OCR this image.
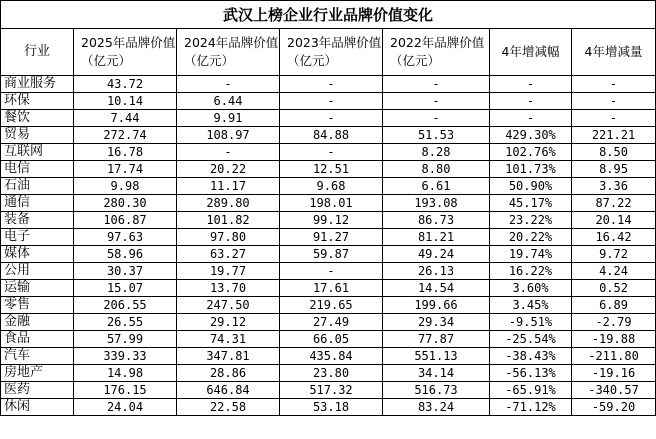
武汉上榜企业行业品牌价值变化						
行业	2025年品牌价值（亿元）	2024年品牌价值（亿元）	2023年品牌价值（亿元）	2022年品牌价值（亿元）	4年增减幅	4年增减量
商业服务	43.72	-	-	-	-	-
环保	10.14	6.44	-	-	-	-
餐饮	7.44	9.91	-	-	-	-
贸易	272.74	108.97	84.88	51.53	429.30%	221.21
互联网	16.78	-	-	8.28	102.76%	8.50
电信	17.74	20.22	12.51	8.80	101.73%	8.95
石油	9.98	11.17	9.68	6.61	50.90%	3.36
通信	280.30	289.80	198.01	193.08	45.17%	87.22
装备	106.87	101.82	99.12	86.73	23.22%	20.14
电子	97.63	97.80	91.27	81.21	20.22%	16.42
媒体	58.96	63.27	59.87	49.24	19.74%	9.72
公用	30.37	19.77	-	26.13	16.22%	4.24
运输	15.07	13.70	17.61	14.54	3.60%	0.52
零售	206.55	247.50	219.65	199.66	3.45%	6.89
金融	26.55	29.12	27.49	29.34	-9.51%	-2.79
食品	57.99	74.31	66.05	77.87	-25.54%	-19.88
汽车	339.33	347.81	435.84	551.13	-38.43%	-211.80
房地产	14.98	28.86	23.80	34.14	-56.13%	-19.16
医药	176.15	646.84	517.32	516.73	-65.91%	-340.57
休闲	24.04	22.58	53.18	83.24	-71.12%	-59.20
